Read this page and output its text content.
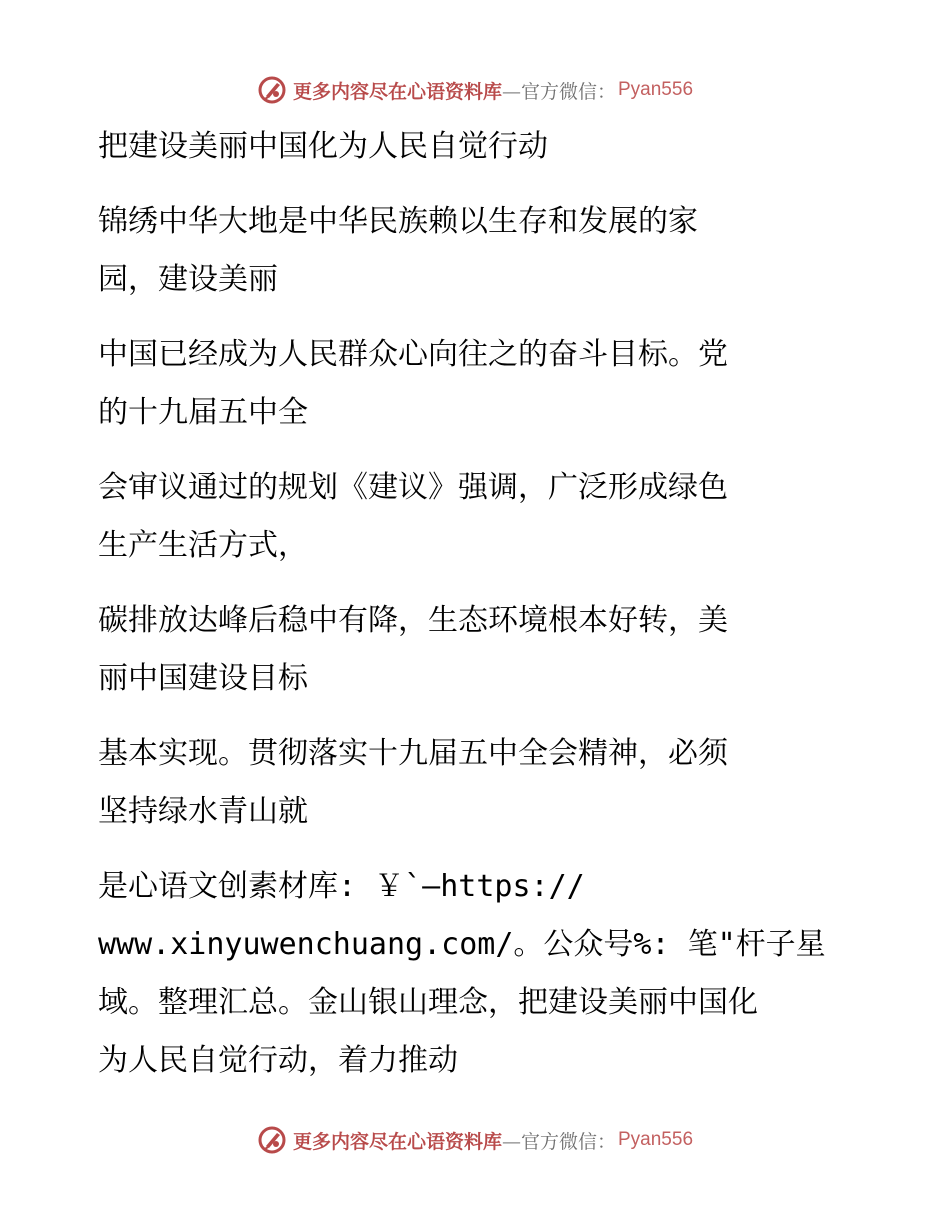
更多内容尽在心语资料库—官方微信： Pyan556
把建设美丽中国化为人民自觉行动
锦绣中华大地是中华民族赖以生存和发展的家
园，建设美丽
中国已经成为人民群众心向往之的奋斗目标。党
的十九届五中全
会审议通过的规划《建议》强调，广泛形成绿色
生产生活方式，
碳排放达峰后稳中有降，生态环境根本好转，美
丽中国建设目标
基本实现。贯彻落实十九届五中全会精神，必须
坚持绿水青山就
是心语文创素材库: ￥`—https://
www.xinyuwenchuang.com/。公众号%: 笔"杆子星
域。整理汇总。金山银山理念，把建设美丽中国化
为人民自觉行动，着力推动
更多内容尽在心语资料库—官方微信： Pyan556
